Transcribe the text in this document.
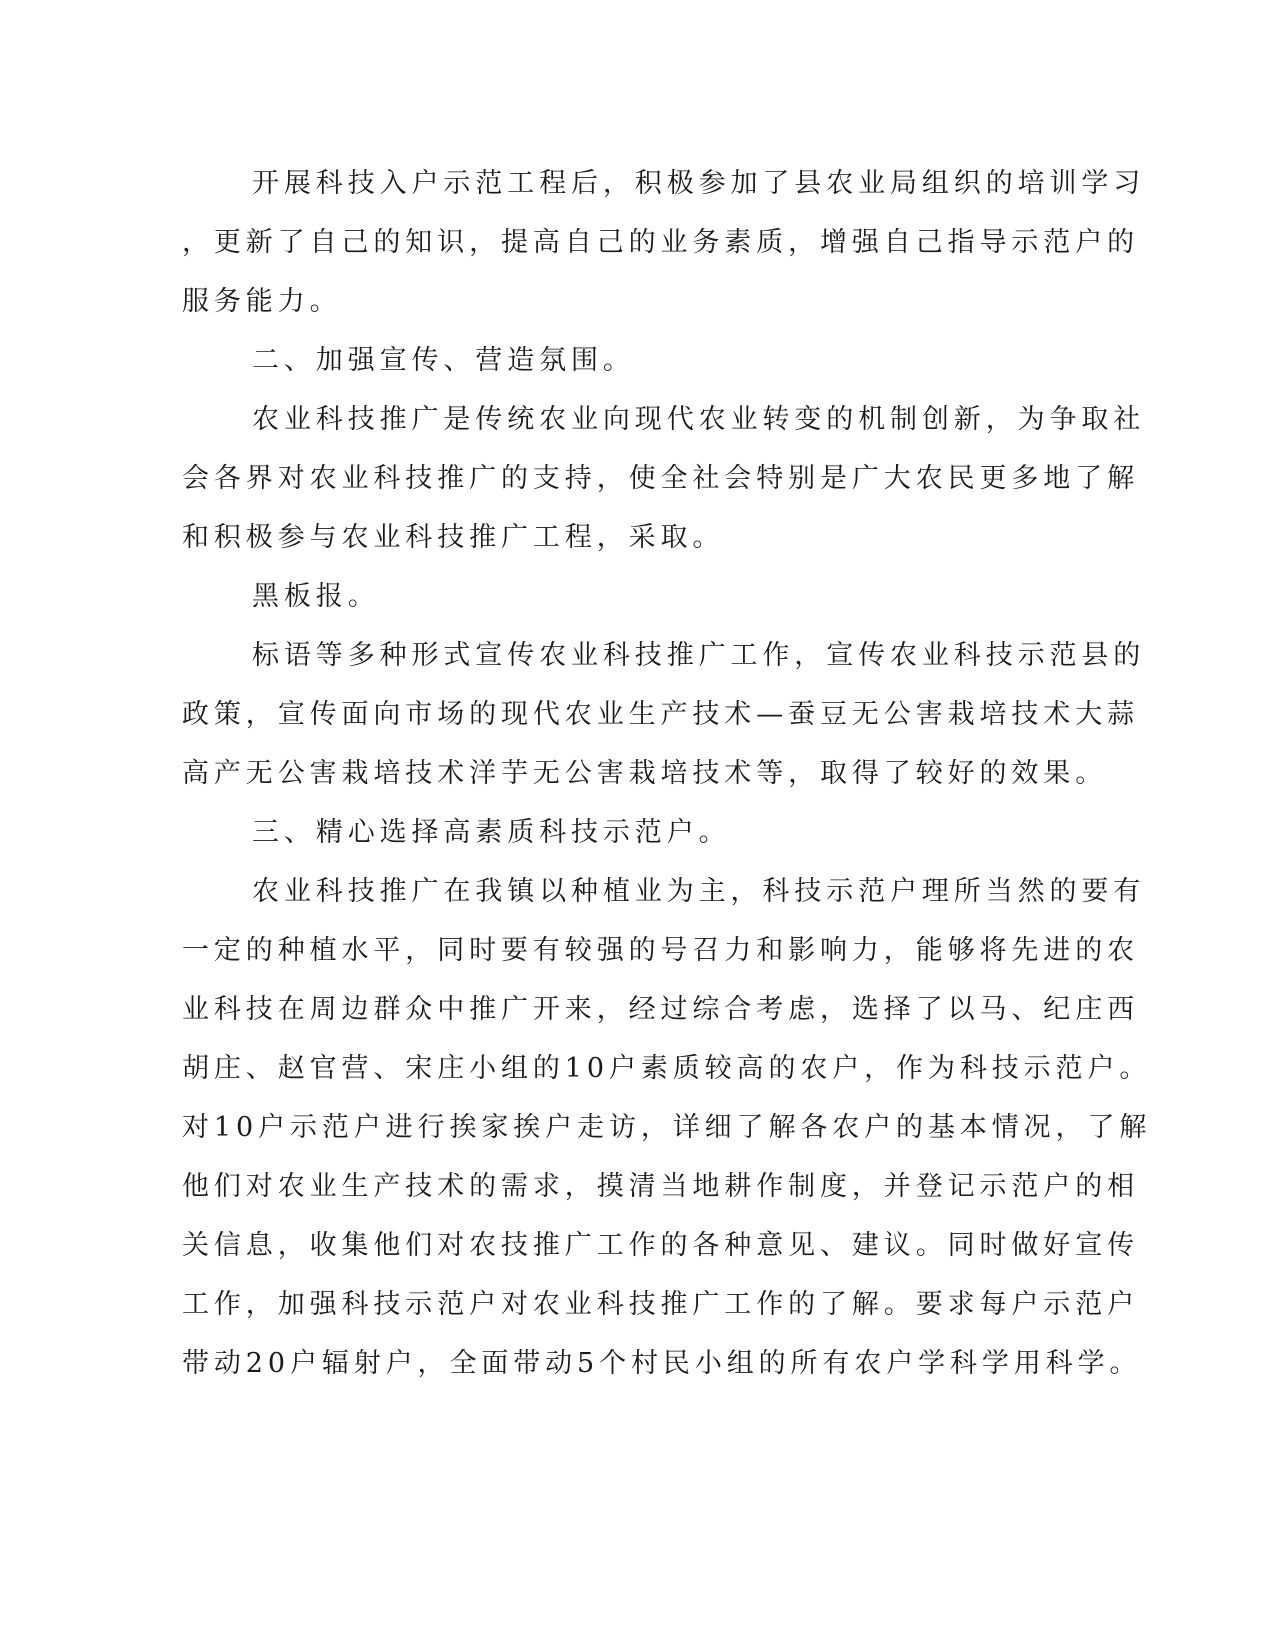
开展科技入户示范工程后，积极参加了县农业局组织的培训学习
，更新了自己的知识，提高自己的业务素质，增强自己指导示范户的
服务能力。
二、加强宣传、营造氛围。
农业科技推广是传统农业向现代农业转变的机制创新，为争取社
会各界对农业科技推广的支持，使全社会特别是广大农民更多地了解
和积极参与农业科技推广工程，采取。
黑板报。
标语等多种形式宣传农业科技推广工作，宣传农业科技示范县的
政策，宣传面向市场的现代农业生产技术—蚕豆无公害栽培技术大蒜
高产无公害栽培技术洋芋无公害栽培技术等，取得了较好的效果。
三、精心选择高素质科技示范户。
农业科技推广在我镇以种植业为主，科技示范户理所当然的要有
一定的种植水平，同时要有较强的号召力和影响力，能够将先进的农
业科技在周边群众中推广开来，经过综合考虑，选择了以马、纪庄西
胡庄、赵官营、宋庄小组的10户素质较高的农户，作为科技示范户。
对10户示范户进行挨家挨户走访，详细了解各农户的基本情况，了解
他们对农业生产技术的需求，摸清当地耕作制度，并登记示范户的相
关信息，收集他们对农技推广工作的各种意见、建议。同时做好宣传
工作，加强科技示范户对农业科技推广工作的了解。要求每户示范户
带动20户辐射户，全面带动5个村民小组的所有农户学科学用科学。
